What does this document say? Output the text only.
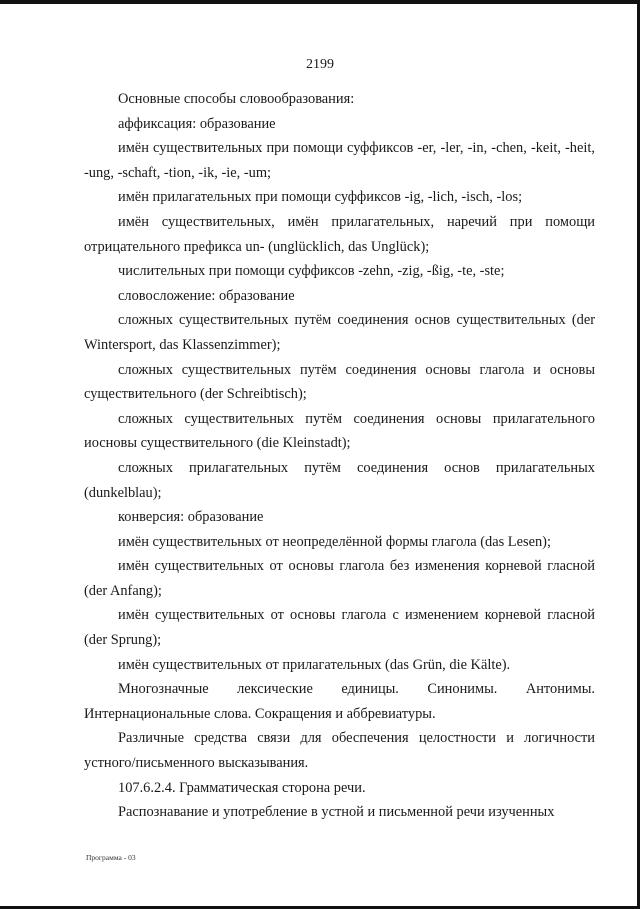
2199

Основные способы словообразования:

аффиксация: образование

имён существительных при помощи суффиксов -er, -ler, -in, -chen, -keit, -heit, -ung, -schaft, -tion, -ik, -ie, -um;

имён прилагательных при помощи суффиксов -ig, -lich, -isch, -los;

имён существительных, имён прилагательных, наречий при помощи отрицательного префикса un- (unglücklich, das Unglück);

числительных при помощи суффиксов -zehn, -zig, -ßig, -te, -ste;

словосложение: образование

сложных существительных путём соединения основ существительных (der Wintersport, das Klassenzimmer);

сложных существительных путём соединения основы глагола и основы существительного (der Schreibtisch);

сложных существительных путём соединения основы прилагательного иосновы существительного (die Kleinstadt);

сложных прилагательных путём соединения основ прилагательных (dunkelblau);

конверсия: образование

имён существительных от неопределённой формы глагола (das Lesen);

имён существительных от основы глагола без изменения корневой гласной (der Anfang);

имён существительных от основы глагола с изменением корневой гласной (der Sprung);

имён существительных от прилагательных (das Grün, die Kälte).

Многозначные лексические единицы. Синонимы. Антонимы. Интернациональные слова. Сокращения и аббревиатуры.

Различные средства связи для обеспечения целостности и логичности устного/письменного высказывания.

107.6.2.4. Грамматическая сторона речи.

Распознавание и употребление в устной и письменной речи изученных

Программа - 03
